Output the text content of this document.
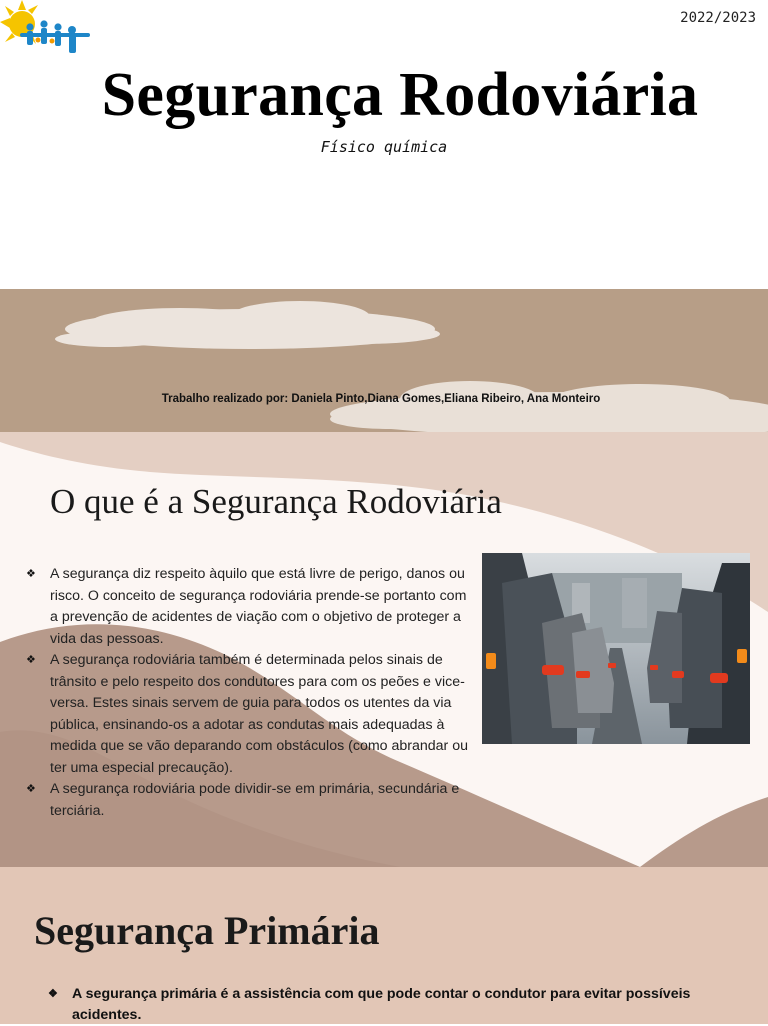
2022/2023
Segurança Rodoviária
Físico química
Trabalho realizado por: Daniela Pinto,Diana Gomes,Eliana Ribeiro, Ana Monteiro
O que é a Segurança Rodoviária
❖ A segurança diz respeito àquilo que está livre de perigo, danos ou risco. O conceito de segurança rodoviária prende-se portanto com a prevenção de acidentes de viação com o objetivo de proteger a vida das pessoas.
❖ A segurança rodoviária também é determinada pelos sinais de trânsito e pelo respeito dos condutores para com os peões e vice-versa. Estes sinais servem de guia para todos os utentes da via pública, ensinando-os a adotar as condutas mais adequadas à medida que se vão deparando com obstáculos (como abrandar ou ter uma especial precaução).
❖ A segurança rodoviária pode dividir-se em primária, secundária e terciária.
Segurança Primária
❖ A segurança primária é a assistência com que pode contar o condutor para evitar possíveis acidentes.
